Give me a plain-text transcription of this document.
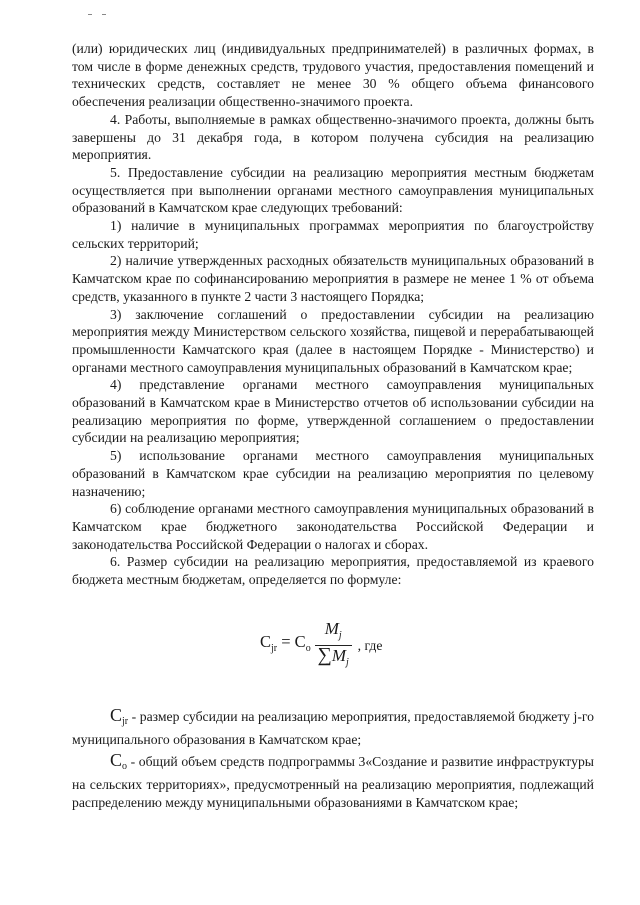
(или) юридических лиц (индивидуальных предпринимателей) в различных формах, в том числе в форме денежных средств, трудового участия, предоставления помещений и технических средств, составляет не менее 30 % общего объема финансового обеспечения реализации общественно-значимого проекта.

4. Работы, выполняемые в рамках общественно-значимого проекта, должны быть завершены до 31 декабря года, в котором получена субсидия на реализацию мероприятия.

5. Предоставление субсидии на реализацию мероприятия местным бюджетам осуществляется при выполнении органами местного самоуправления муниципальных образований в Камчатском крае следующих требований:

1) наличие в муниципальных программах мероприятия по благоустройству сельских территорий;

2) наличие утвержденных расходных обязательств муниципальных образований в Камчатском крае по софинансированию мероприятия в размере не менее 1 % от объема средств, указанного в пункте 2 части 3 настоящего Порядка;

3) заключение соглашений о предоставлении субсидии на реализацию мероприятия между Министерством сельского хозяйства, пищевой и перерабатывающей промышленности Камчатского края (далее в настоящем Порядке - Министерство) и органами местного самоуправления муниципальных образований в Камчатском крае;

4) представление органами местного самоуправления муниципальных образований в Камчатском крае в Министерство отчетов об использовании субсидии на реализацию мероприятия по форме, утвержденной соглашением о предоставлении субсидии на реализацию мероприятия;

5) использование органами местного самоуправления муниципальных образований в Камчатском крае субсидии на реализацию мероприятия по целевому назначению;

6) соблюдение органами местного самоуправления муниципальных образований в Камчатском крае бюджетного законодательства Российской Федерации и законодательства Российской Федерации о налогах и сборах.

6. Размер субсидии на реализацию мероприятия, предоставляемой из краевого бюджета местным бюджетам, определяется по формуле:

$C_{jr} = C_o \frac{M_j}{\sum M_j}$ , где

$C_{jr}$ - размер субсидии на реализацию мероприятия, предоставляемой бюджету j-го муниципального образования в Камчатском крае;

$C_o$ - общий объем средств подпрограммы 3«Создание и развитие инфраструктуры на сельских территориях», предусмотренный на реализацию мероприятия, подлежащий распределению между муниципальными образованиями в Камчатском крае;
